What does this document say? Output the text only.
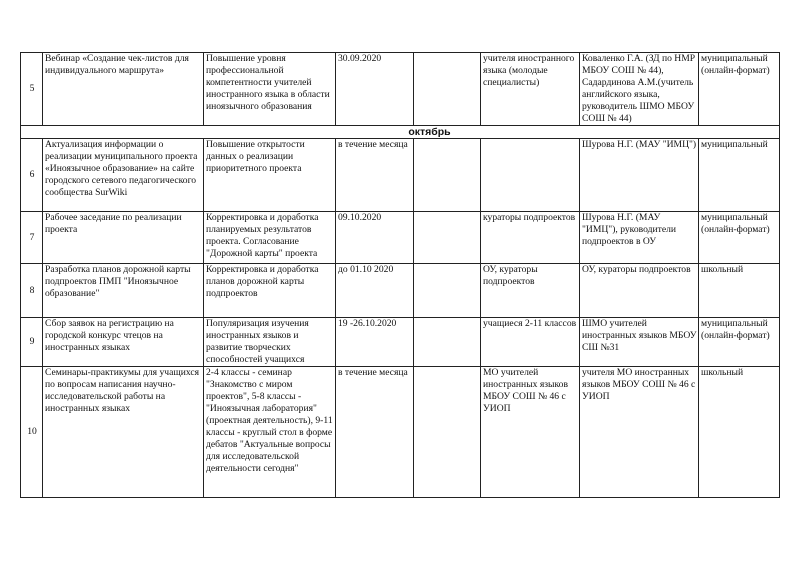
5	Вебинар «Создание чек-листов для индивидуального маршрута»	Повышение уровня профессиональной компетентности учителей иностранного языка в области иноязычного образования	30.09.2020		учителя иностранного языка (молодые специалисты)	Коваленко Г.А. (ЗД по НМР МБОУ СОШ № 44), Садардинова А.М.(учитель английского языка, руководитель ШМО МБОУ СОШ № 44)	муниципальный (онлайн-формат)
октябрь							
6	Актуализация информации о реализации муниципального проекта «Иноязычное образование» на сайте городского сетевого педагогического сообщества SurWiki	Повышение открытости данных о реализации приоритетного проекта	в течение месяца			Шурова Н.Г. (МАУ "ИМЦ")	муниципальный
7	Рабочее заседание по реализации проекта	Корректировка и доработка планируемых результатов проекта. Согласование "Дорожной карты" проекта	09.10.2020		кураторы подпроектов	Шурова Н.Г. (МАУ "ИМЦ"), руководители подпроектов в ОУ	муниципальный (онлайн-формат)
8	Разработка планов дорожной карты подпроектов ПМП "Иноязычное образование"	Корректировка и доработка планов дорожной карты подпроектов	до 01.10 2020		ОУ, кураторы подпроектов	ОУ, кураторы подпроектов	школьный
9	Сбор заявок на регистрацию на городской конкурс чтецов на иностранных языках	Популяризация изучения иностранных языков и развитие творческих способностей учащихся	19 -26.10.2020		учащиеся 2-11 классов	ШМО учителей иностранных языков МБОУ СШ №31	муниципальный (онлайн-формат)
10	Семинары-практикумы для учащихся по вопросам написания научно-исследовательской работы на иностранных языках	2-4 классы - семинар "Знакомство с миром проектов", 5-8 классы - "Иноязычная лаборатория" (проектная деятельность), 9-11 классы - круглый стол в форме дебатов "Актуальные вопросы для исследовательской деятельности сегодня"	в течение месяца		МО учителей иностранных языков МБОУ СОШ № 46 с УИОП	учителя МО иностранных языков МБОУ СОШ № 46 с УИОП	школьный
